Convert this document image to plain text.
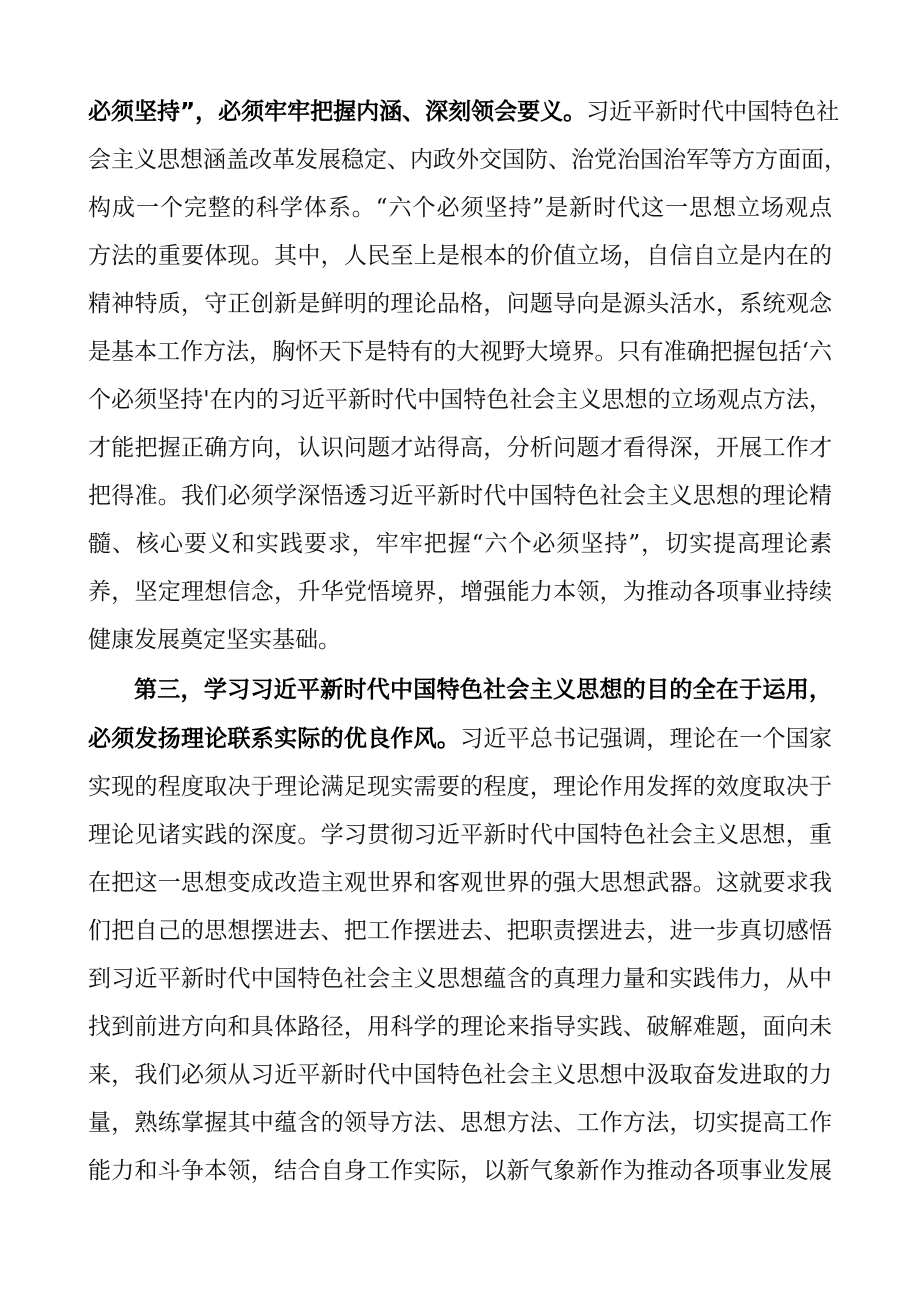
必须坚持”，必须牢牢把握内涵、深刻领会要义。习近平新时代中国特色社
会主义思想涵盖改革发展稳定、内政外交国防、治党治国治军等方方面面，
构成一个完整的科学体系。“六个必须坚持”是新时代这一思想立场观点
方法的重要体现。其中，人民至上是根本的价值立场，自信自立是内在的
精神特质，守正创新是鲜明的理论品格，问题导向是源头活水，系统观念
是基本工作方法，胸怀天下是特有的大视野大境界。只有准确把握包括‘六
个必须坚持'在内的习近平新时代中国特色社会主义思想的立场观点方法，
才能把握正确方向，认识问题才站得高，分析问题才看得深，开展工作才
把得准。我们必须学深悟透习近平新时代中国特色社会主义思想的理论精
髓、核心要义和实践要求，牢牢把握“六个必须坚持”，切实提高理论素
养，坚定理想信念，升华党悟境界，增强能力本领，为推动各项事业持续
健康发展奠定坚实基础。
第三，学习习近平新时代中国特色社会主义思想的目的全在于运用，
必须发扬理论联系实际的优良作风。习近平总书记强调，理论在一个国家
实现的程度取决于理论满足现实需要的程度，理论作用发挥的效度取决于
理论见诸实践的深度。学习贯彻习近平新时代中国特色社会主义思想，重
在把这一思想变成改造主观世界和客观世界的强大思想武器。这就要求我
们把自己的思想摆进去、把工作摆进去、把职责摆进去，进一步真切感悟
到习近平新时代中国特色社会主义思想蕴含的真理力量和实践伟力，从中
找到前进方向和具体路径，用科学的理论来指导实践、破解难题，面向未
来，我们必须从习近平新时代中国特色社会主义思想中汲取奋发进取的力
量，熟练掌握其中蕴含的领导方法、思想方法、工作方法，切实提高工作
能力和斗争本领，结合自身工作实际，以新气象新作为推动各项事业发展
